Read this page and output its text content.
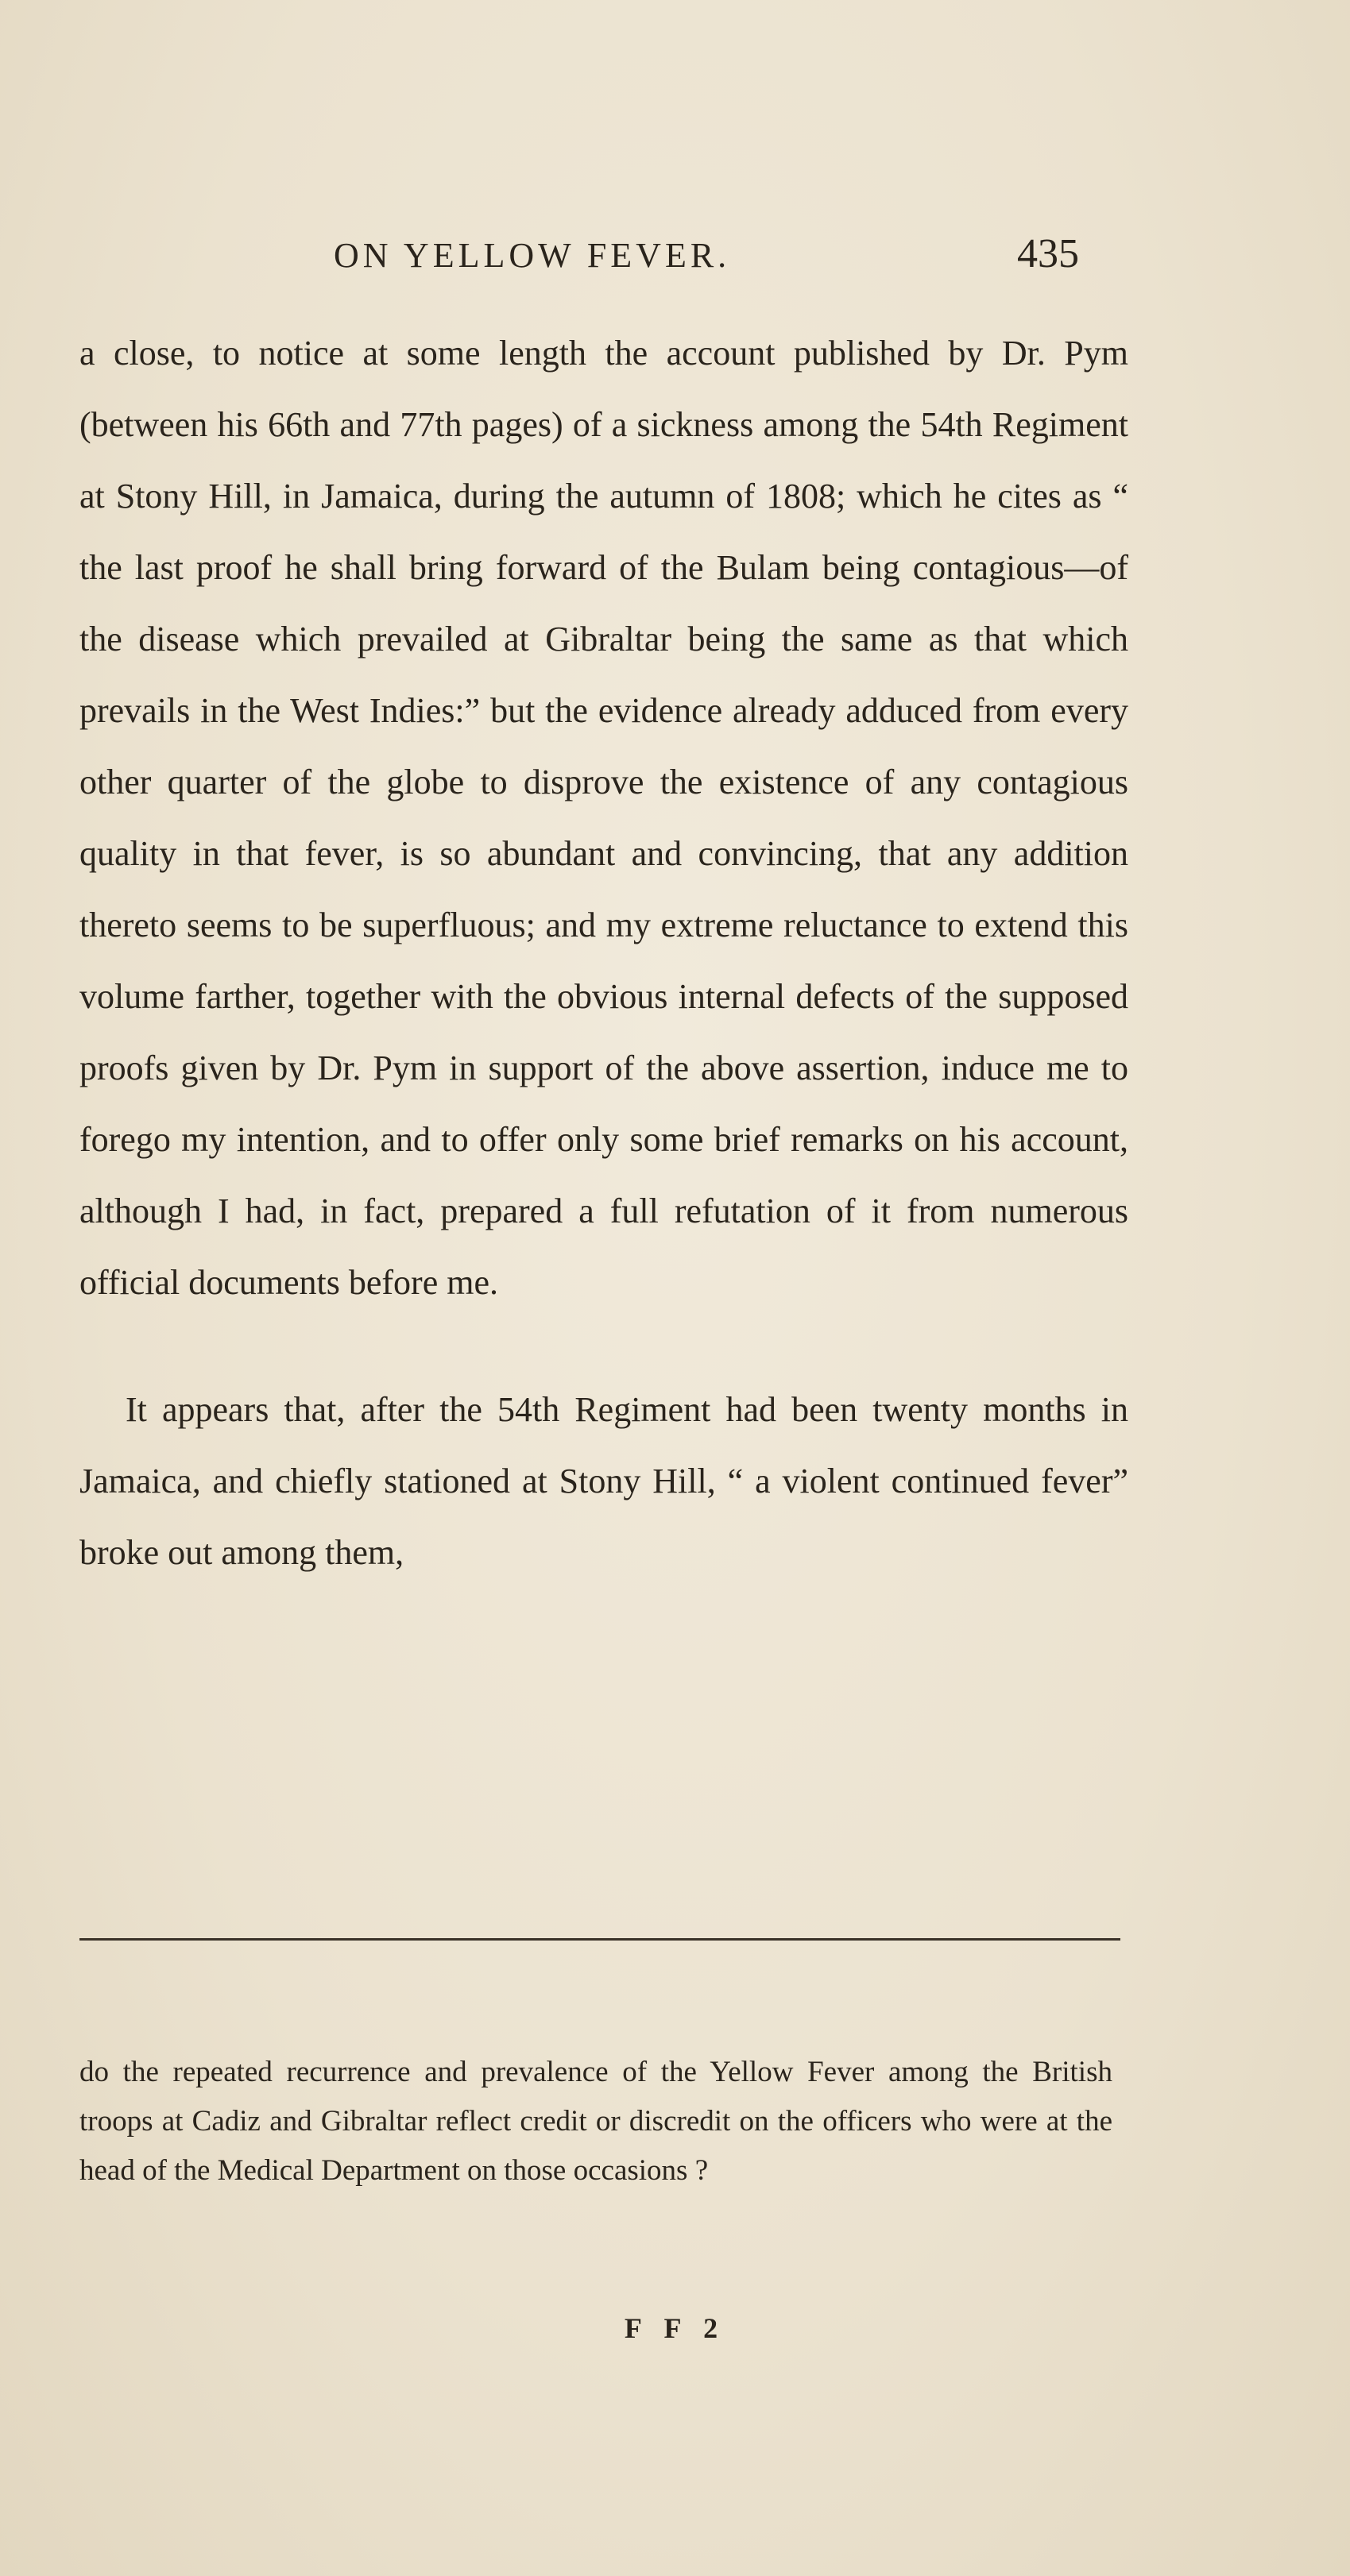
ON YELLOW FEVER.	435

a close, to notice at some length the account published by Dr. Pym (between his 66th and 77th pages) of a sickness among the 54th Regiment at Stony Hill, in Jamaica, during the autumn of 1808; which he cites as “ the last proof he shall bring forward of the Bulam being contagious—of the disease which prevailed at Gibraltar being the same as that which prevails in the West Indies:” but the evidence already adduced from every other quarter of the globe to disprove the existence of any contagious quality in that fever, is so abundant and convincing, that any addition thereto seems to be superfluous; and my extreme reluctance to extend this volume farther, together with the obvious internal defects of the supposed proofs given by Dr. Pym in support of the above assertion, induce me to forego my intention, and to offer only some brief remarks on his account, although I had, in fact, prepared a full refutation of it from numerous official documents before me.

It appears that, after the 54th Regiment had been twenty months in Jamaica, and chiefly stationed at Stony Hill, “ a violent continued fever” broke out among them,

do the repeated recurrence and prevalence of the Yellow Fever among the British troops at Cadiz and Gibraltar reflect credit or discredit on the officers who were at the head of the Medical Department on those occasions ?
F F 2
